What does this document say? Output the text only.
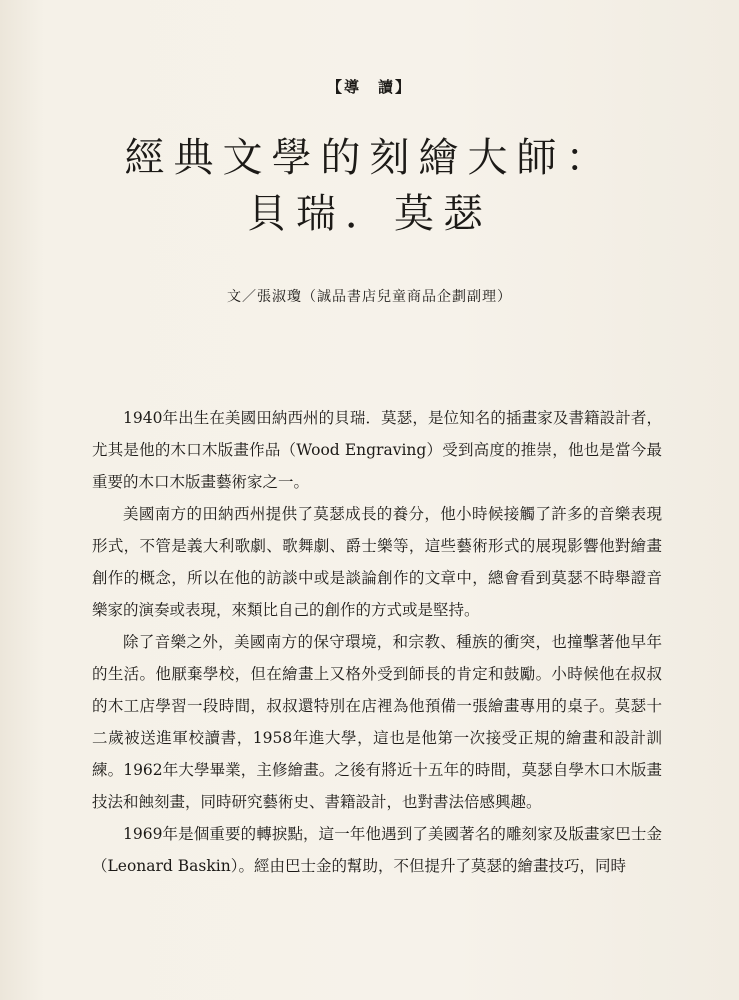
【導　讀】
經典文學的刻繪大師：
貝瑞．莫瑟
文／張淑瓊（誠品書店兒童商品企劃副理）

1940年出生在美國田納西州的貝瑞．莫瑟，是位知名的插畫家及書籍設計者，尤其是他的木口木版畫作品（Wood Engraving）受到高度的推崇，他也是當今最重要的木口木版畫藝術家之一。

美國南方的田納西州提供了莫瑟成長的養分，他小時候接觸了許多的音樂表現形式，不管是義大利歌劇、歌舞劇、爵士樂等，這些藝術形式的展現影響他對繪畫創作的概念，所以在他的訪談中或是談論創作的文章中，總會看到莫瑟不時舉證音樂家的演奏或表現，來類比自己的創作的方式或是堅持。

除了音樂之外，美國南方的保守環境，和宗教、種族的衝突，也撞擊著他早年的生活。他厭棄學校，但在繪畫上又格外受到師長的肯定和鼓勵。小時候他在叔叔的木工店學習一段時間，叔叔還特別在店裡為他預備一張繪畫專用的桌子。莫瑟十二歲被送進軍校讀書，1958年進大學，這也是他第一次接受正規的繪畫和設計訓練。1962年大學畢業，主修繪畫。之後有將近十五年的時間，莫瑟自學木口木版畫技法和蝕刻畫，同時研究藝術史、書籍設計，也對書法倍感興趣。

1969年是個重要的轉捩點，這一年他遇到了美國著名的雕刻家及版畫家巴士金（Leonard Baskin）。經由巴士金的幫助，不但提升了莫瑟的繪畫技巧，同時
